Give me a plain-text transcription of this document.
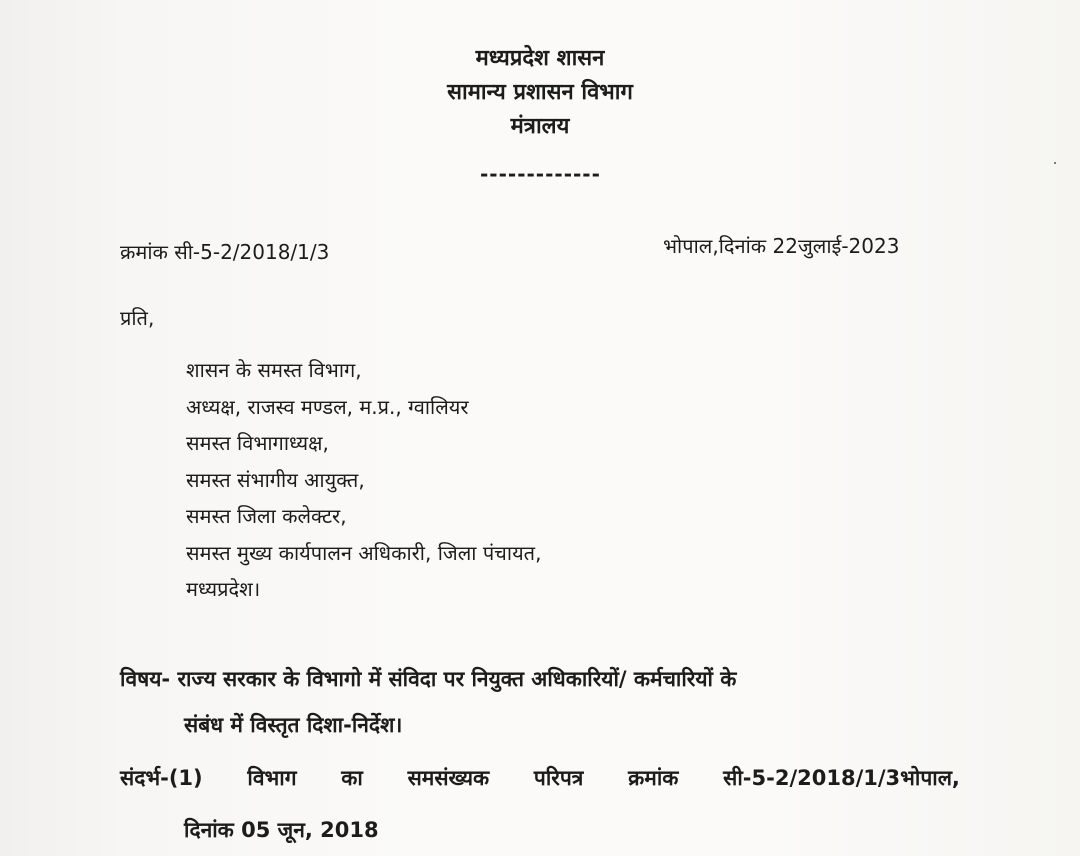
मध्यप्रदेश शासन
सामान्य प्रशासन विभाग
मंत्रालय
-------------
क्रमांक सी-5-2/2018/1/3	भोपाल,दिनांक 22जुलाई-2023
प्रति,
शासन के समस्त विभाग,
अध्यक्ष, राजस्व मण्डल, म.प्र., ग्वालियर
समस्त विभागाध्यक्ष,
समस्त संभागीय आयुक्त,
समस्त जिला कलेक्टर,
समस्त मुख्य कार्यपालन अधिकारी, जिला पंचायत,
मध्यप्रदेश।
विषय- राज्य सरकार के विभागो में संविदा पर नियुक्त अधिकारियों/ कर्मचारियों के
संबंध में विस्तृत दिशा-निर्देश।
संदर्भ-(1) विभाग का समसंख्यक परिपत्र क्रमांक सी-5-2/2018/1/3भोपाल,
दिनांक 05 जून, 2018
